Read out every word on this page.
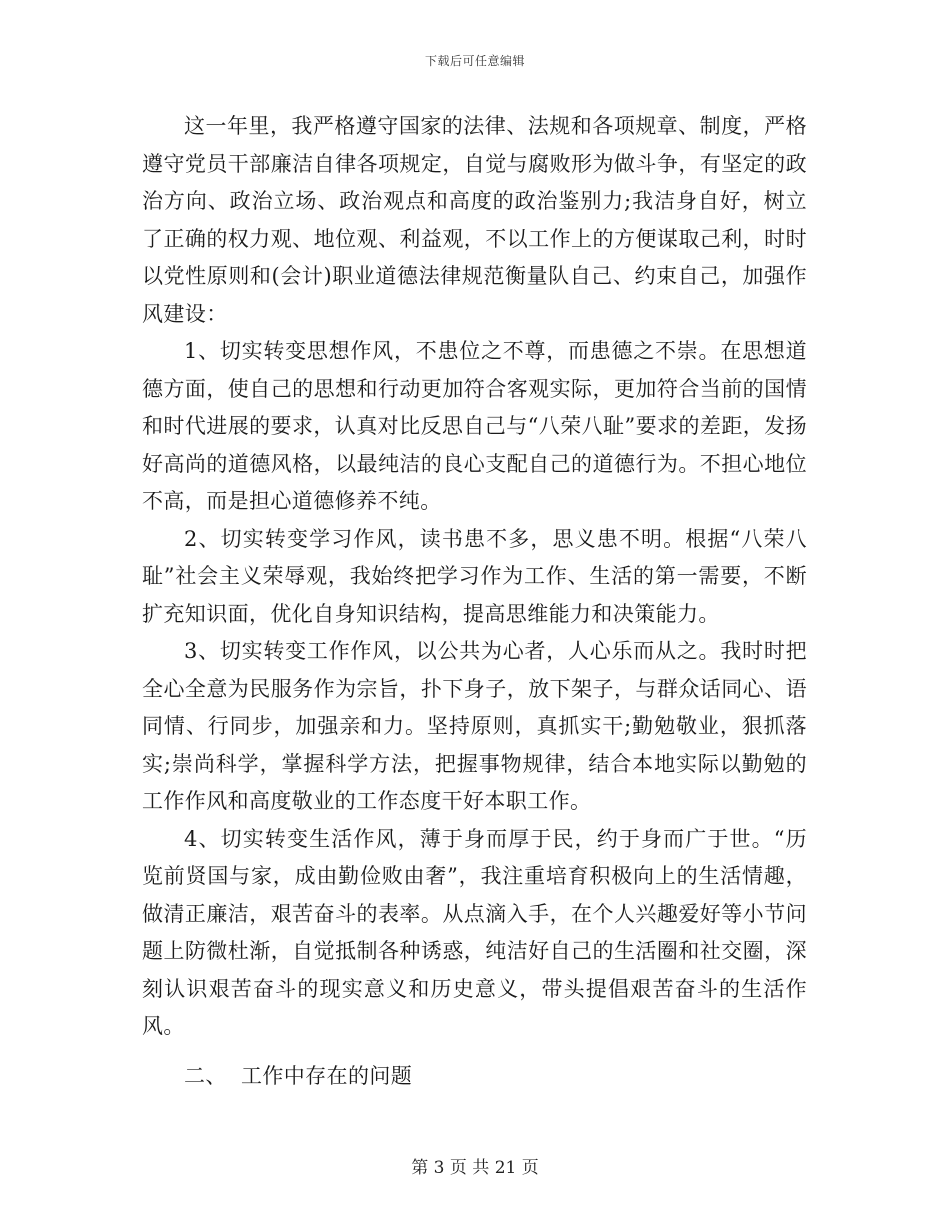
下载后可任意编辑

这一年里，我严格遵守国家的法律、法规和各项规章、制度，严格遵守党员干部廉洁自律各项规定，自觉与腐败形为做斗争，有坚定的政治方向、政治立场、政治观点和高度的政治鉴别力;我洁身自好，树立了正确的权力观、地位观、利益观，不以工作上的方便谋取己利，时时以党性原则和(会计)职业道德法律规范衡量队自己、约束自己，加强作风建设：

1、切实转变思想作风，不患位之不尊，而患德之不崇。在思想道德方面，使自己的思想和行动更加符合客观实际，更加符合当前的国情和时代进展的要求，认真对比反思自己与“八荣八耻”要求的差距，发扬好高尚的道德风格，以最纯洁的良心支配自己的道德行为。不担心地位不高，而是担心道德修养不纯。

2、切实转变学习作风，读书患不多，思义患不明。根据“八荣八耻”社会主义荣辱观，我始终把学习作为工作、生活的第一需要，不断扩充知识面，优化自身知识结构，提高思维能力和决策能力。

3、切实转变工作作风，以公共为心者，人心乐而从之。我时时把全心全意为民服务作为宗旨，扑下身子，放下架子，与群众话同心、语同情、行同步，加强亲和力。坚持原则，真抓实干;勤勉敬业，狠抓落实;崇尚科学，掌握科学方法，把握事物规律，结合本地实际以勤勉的工作作风和高度敬业的工作态度干好本职工作。

4、切实转变生活作风，薄于身而厚于民，约于身而广于世。“历览前贤国与家，成由勤俭败由奢”，我注重培育积极向上的生活情趣，做清正廉洁，艰苦奋斗的表率。从点滴入手，在个人兴趣爱好等小节问题上防微杜渐，自觉抵制各种诱惑，纯洁好自己的生活圈和社交圈，深刻认识艰苦奋斗的现实意义和历史意义，带头提倡艰苦奋斗的生活作风。

二、  工作中存在的问题

第 3 页 共 21 页
